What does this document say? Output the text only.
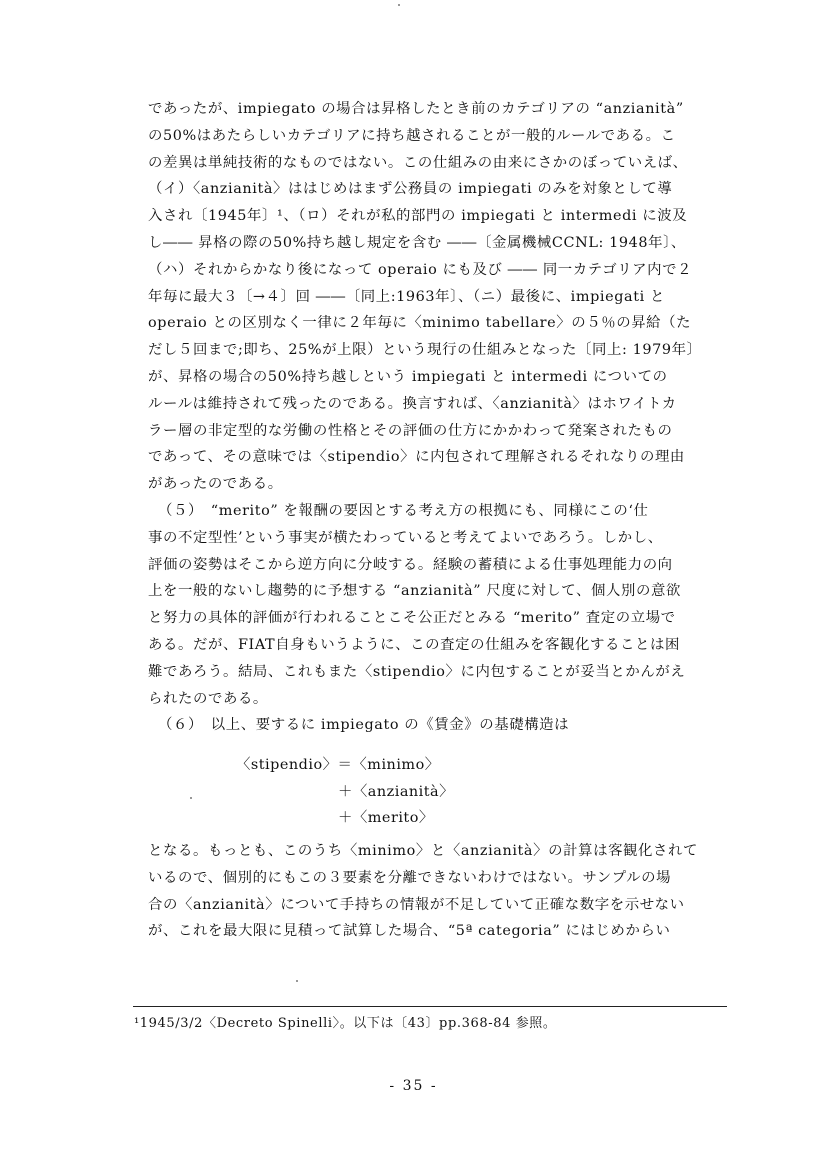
であったが、impiegato の場合は昇格したとき前のカテゴリアの “anzianità”
の50%はあたらしいカテゴリアに持ち越されることが一般的ルールである。こ
の差異は単純技術的なものではない。この仕組みの由来にさかのぼっていえば、
（イ）〈anzianità〉ははじめはまず公務員の impiegati のみを対象として導
入され〔1945年〕¹、（ロ）それが私的部門の impiegati と intermedi に波及
し―― 昇格の際の50%持ち越し規定を含む ――〔金属機械CCNL: 1948年〕、
（ハ）それからかなり後になって operaio にも及び ―― 同一カテゴリア内で２
年毎に最大３〔→４〕回 ――〔同上:1963年〕、（ニ）最後に、impiegati と
operaio との区別なく一律に２年毎に〈minimo tabellare〉の５％の昇給（た
だし５回まで;即ち、25%が上限）という現行の仕組みとなった〔同上: 1979年〕
が、昇格の場合の50%持ち越しという impiegati と intermedi についての
ルールは維持されて残ったのである。換言すれば、〈anzianità〉はホワイトカ
ラー層の非定型的な労働の性格とその評価の仕方にかかわって発案されたもの
であって、その意味では〈stipendio〉に内包されて理解されるそれなりの理由
があったのである。
（５）　“merito” を報酬の要因とする考え方の根拠にも、同様にこの‘仕
事の不定型性’という事実が横たわっていると考えてよいであろう。しかし、
評価の姿勢はそこから逆方向に分岐する。経験の蓄積による仕事処理能力の向
上を一般的ないし趨勢的に予想する “anzianità” 尺度に対して、個人別の意欲
と努力の具体的評価が行われることこそ公正だとみる “merito” 査定の立場で
ある。だが、FIAT自身もいうように、この査定の仕組みを客観化することは困
難であろう。結局、これもまた〈stipendio〉に内包することが妥当とかんがえ
られたのである。
（６）　以上、要するに impiegato の《賃金》の基礎構造は
〈stipendio〉＝〈minimo〉
＋〈anzianità〉
＋〈merito〉
となる。もっとも、このうち〈minimo〉と〈anzianità〉の計算は客観化されて
いるので、個別的にもこの３要素を分離できないわけではない。サンプルの場
合の〈anzianità〉について手持ちの情報が不足していて正確な数字を示せない
が、これを最大限に見積って試算した場合、“5ª categoria” にはじめからい
¹1945/3/2〈Decreto Spinelli〉。以下は〔43〕pp.368-84 参照。
- 35 -
